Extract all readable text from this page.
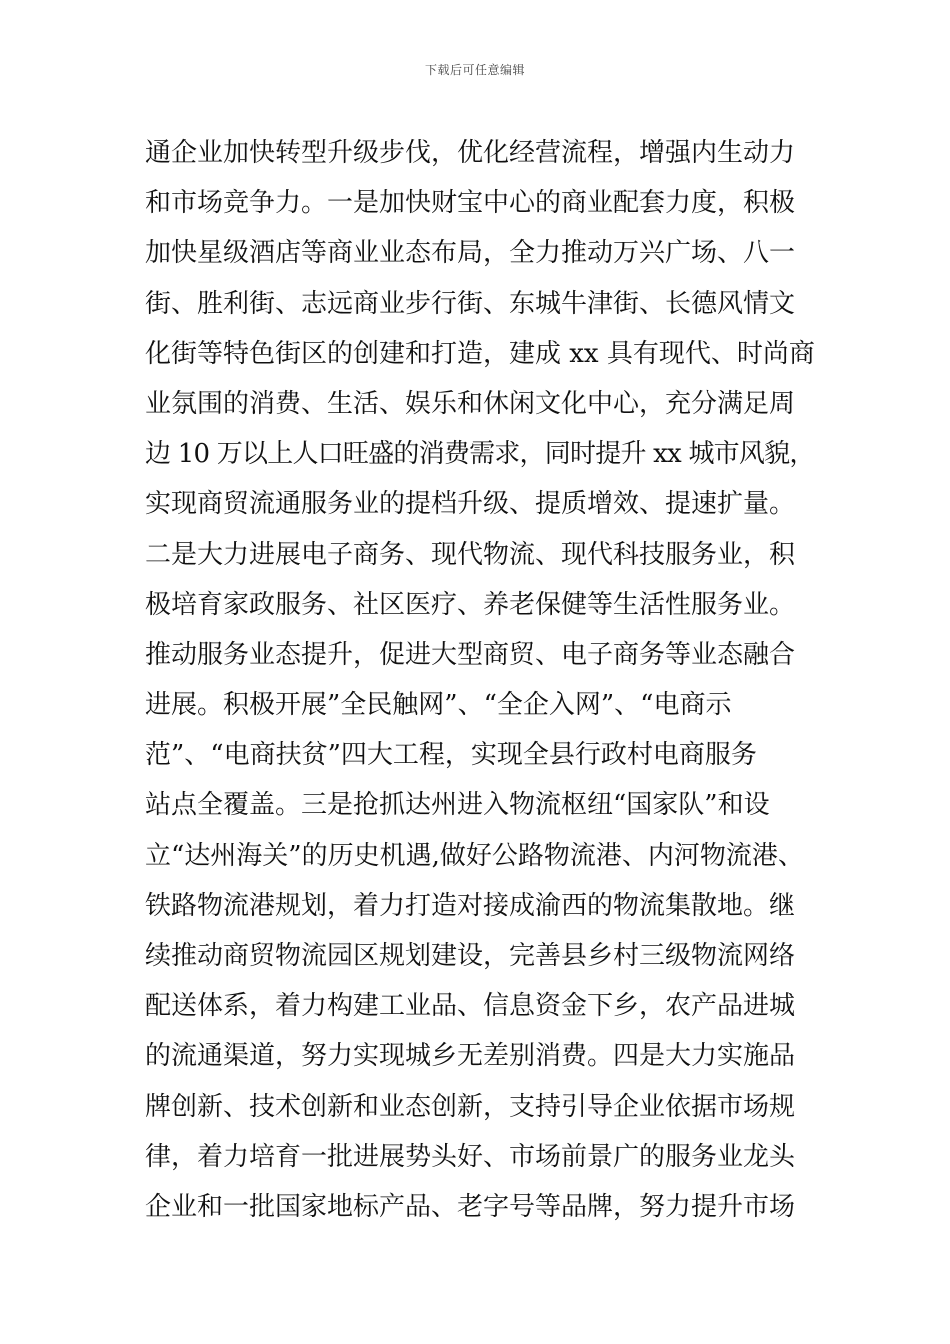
下载后可任意编辑
通企业加快转型升级步伐，优化经营流程，增强内生动力
和市场竞争力。一是加快财宝中心的商业配套力度，积极
加快星级酒店等商业业态布局，全力推动万兴广场、八一
街、胜利街、志远商业步行街、东城牛津街、长德风情文
化街等特色街区的创建和打造，建成 xx 具有现代、时尚商
业氛围的消费、生活、娱乐和休闲文化中心，充分满足周
边 10 万以上人口旺盛的消费需求，同时提升 xx 城市风貌，
实现商贸流通服务业的提档升级、提质增效、提速扩量。
二是大力进展电子商务、现代物流、现代科技服务业，积
极培育家政服务、社区医疗、养老保健等生活性服务业。
推动服务业态提升，促进大型商贸、电子商务等业态融合
进展。积极开展”全民触网”、“全企入网”、“电商示
范”、“电商扶贫”四大工程，实现全县行政村电商服务
站点全覆盖。三是抢抓达州进入物流枢纽“国家队”和设
立“达州海关”的历史机遇,做好公路物流港、内河物流港、
铁路物流港规划，着力打造对接成渝西的物流集散地。继
续推动商贸物流园区规划建设，完善县乡村三级物流网络
配送体系，着力构建工业品、信息资金下乡，农产品进城
的流通渠道，努力实现城乡无差别消费。四是大力实施品
牌创新、技术创新和业态创新，支持引导企业依据市场规
律，着力培育一批进展势头好、市场前景广的服务业龙头
企业和一批国家地标产品、老字号等品牌，努力提升市场
